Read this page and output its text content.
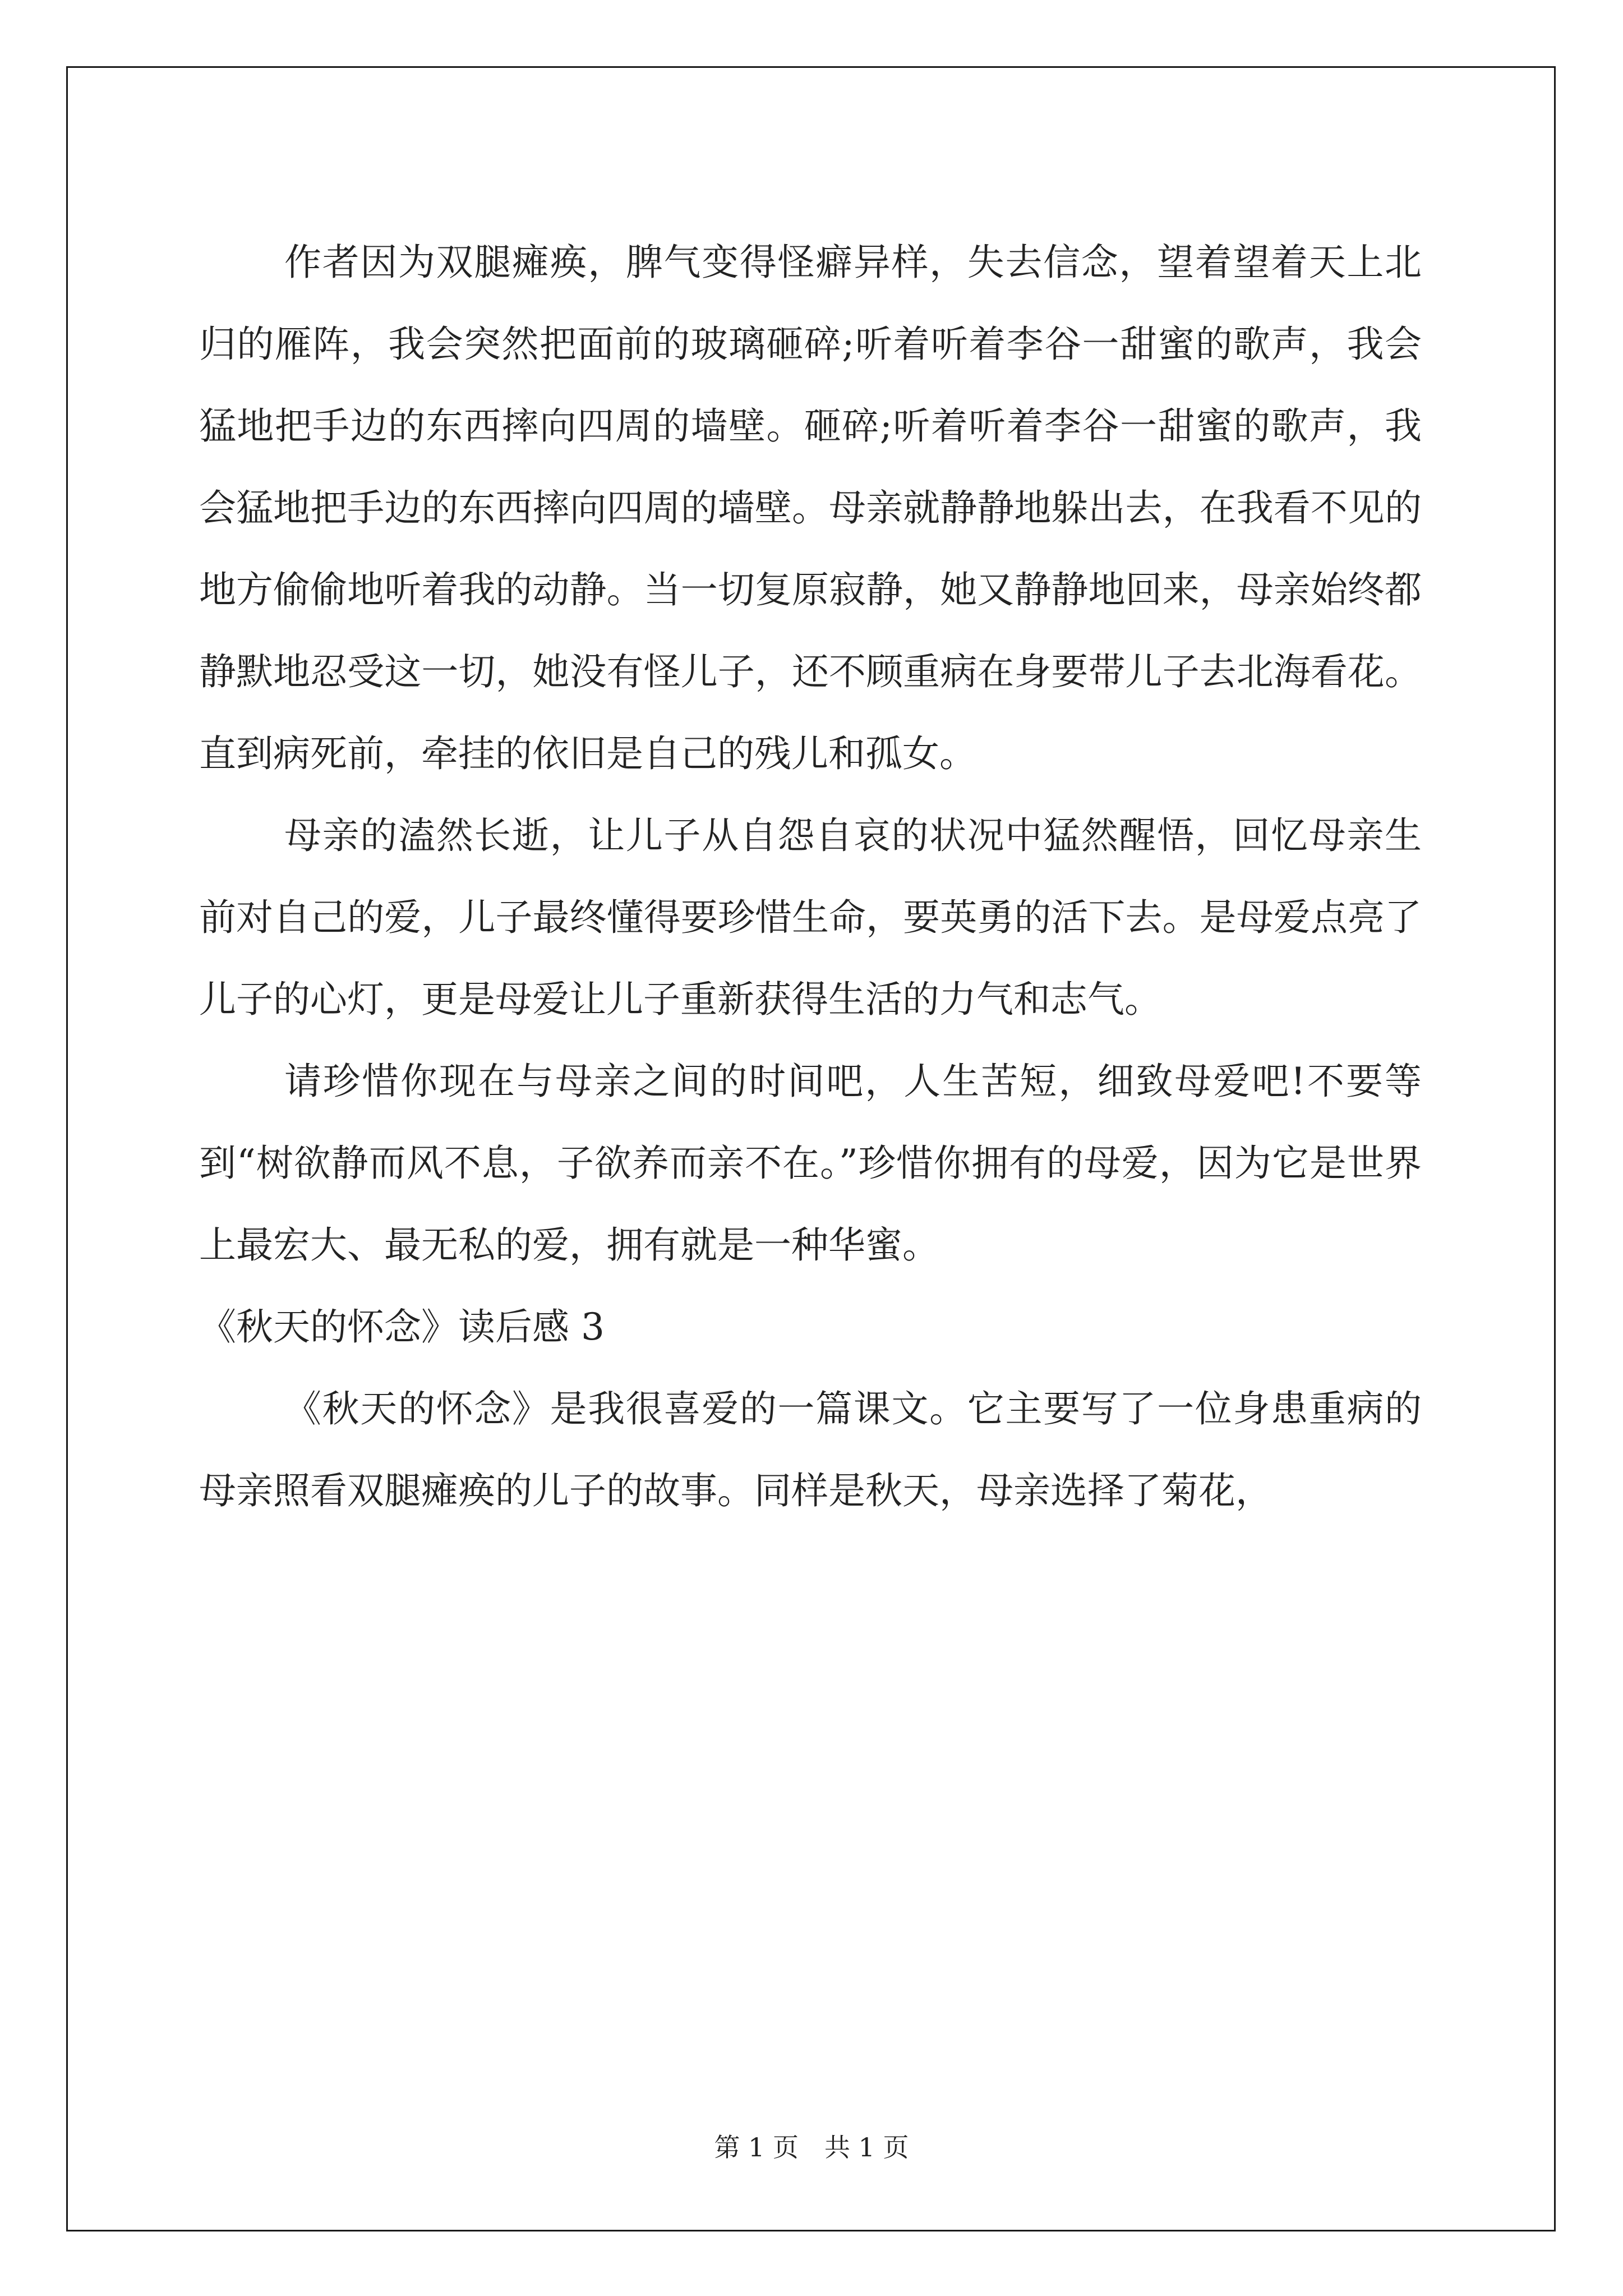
作者因为双腿瘫痪，脾气变得怪癖异样，失去信念，望着望着天上北归的雁阵，我会突然把面前的玻璃砸碎;听着听着李谷一甜蜜的歌声，我会猛地把手边的东西摔向四周的墙壁。砸碎;听着听着李谷一甜蜜的歌声，我会猛地把手边的东西摔向四周的墙壁。母亲就静静地躲出去，在我看不见的地方偷偷地听着我的动静。当一切复原寂静，她又静静地回来，母亲始终都静默地忍受这一切，她没有怪儿子，还不顾重病在身要带儿子去北海看花。直到病死前，牵挂的依旧是自己的残儿和孤女。

母亲的溘然长逝，让儿子从自怨自哀的状况中猛然醒悟，回忆母亲生前对自己的爱，儿子最终懂得要珍惜生命，要英勇的活下去。是母爱点亮了儿子的心灯，更是母爱让儿子重新获得生活的力气和志气。

请珍惜你现在与母亲之间的时间吧，人生苦短，细致母爱吧!不要等到“树欲静而风不息，子欲养而亲不在。”珍惜你拥有的母爱，因为它是世界上最宏大、最无私的爱，拥有就是一种华蜜。

《秋天的怀念》读后感 3

《秋天的怀念》是我很喜爱的一篇课文。它主要写了一位身患重病的母亲照看双腿瘫痪的儿子的故事。同样是秋天，母亲选择了菊花，

第 1 页 共 1 页
